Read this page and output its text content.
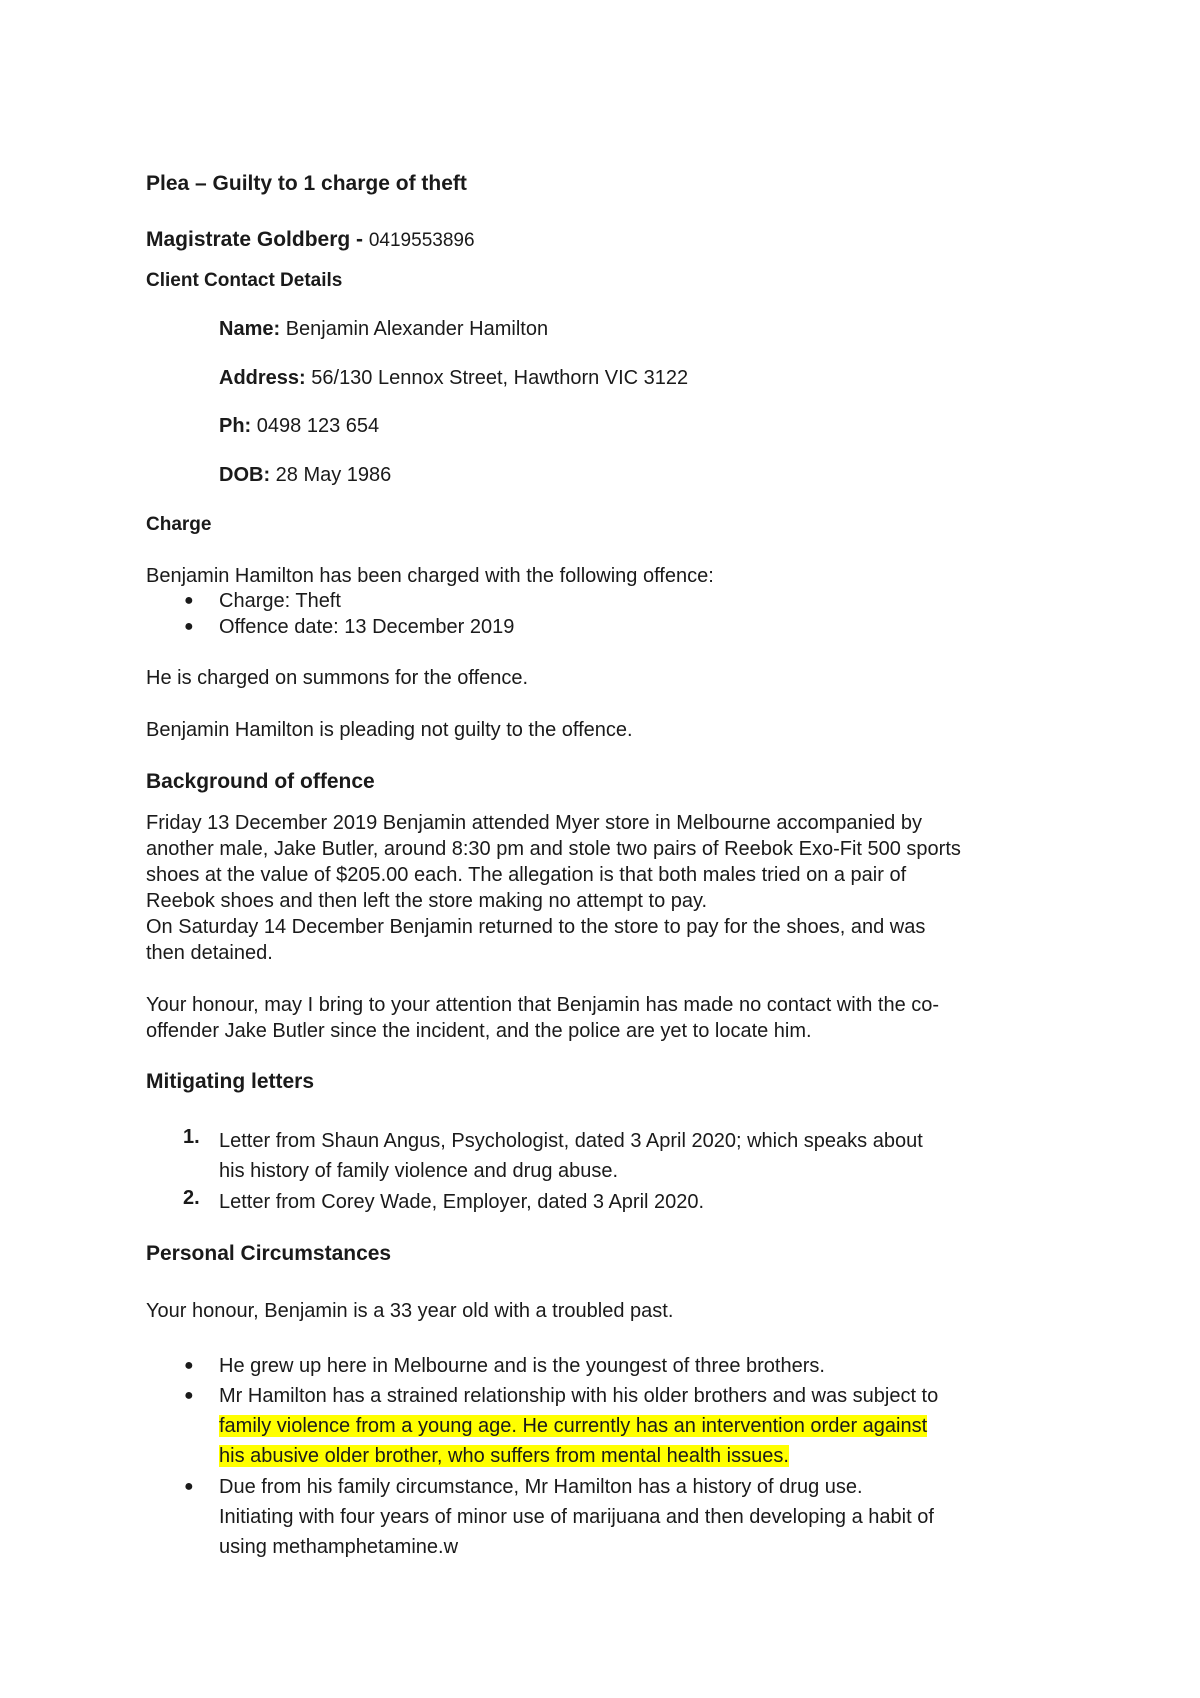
Plea – Guilty to 1 charge of theft
Magistrate Goldberg - 0419553896
Client Contact Details
Name: Benjamin Alexander Hamilton
Address: 56/130 Lennox Street, Hawthorn VIC 3122
Ph: 0498 123 654
DOB: 28 May 1986
Charge
Benjamin Hamilton has been charged with the following offence:
● Charge: Theft
● Offence date: 13 December 2019
He is charged on summons for the offence.
Benjamin Hamilton is pleading not guilty to the offence.
Background of offence
Friday 13 December 2019 Benjamin attended Myer store in Melbourne accompanied by
another male, Jake Butler, around 8:30 pm and stole two pairs of Reebok Exo-Fit 500 sports
shoes at the value of $205.00 each. The allegation is that both males tried on a pair of
Reebok shoes and then left the store making no attempt to pay.
On Saturday 14 December Benjamin returned to the store to pay for the shoes, and was
then detained.
Your honour, may I bring to your attention that Benjamin has made no contact with the co-
offender Jake Butler since the incident, and the police are yet to locate him.
Mitigating letters
1. Letter from Shaun Angus, Psychologist, dated 3 April 2020; which speaks about
his history of family violence and drug abuse.
2. Letter from Corey Wade, Employer, dated 3 April 2020.
Personal Circumstances
Your honour, Benjamin is a 33 year old with a troubled past.
● He grew up here in Melbourne and is the youngest of three brothers.
● Mr Hamilton has a strained relationship with his older brothers and was subject to
family violence from a young age. He currently has an intervention order against
his abusive older brother, who suffers from mental health issues.
● Due from his family circumstance, Mr Hamilton has a history of drug use.
Initiating with four years of minor use of marijuana and then developing a habit of
using methamphetamine.w
